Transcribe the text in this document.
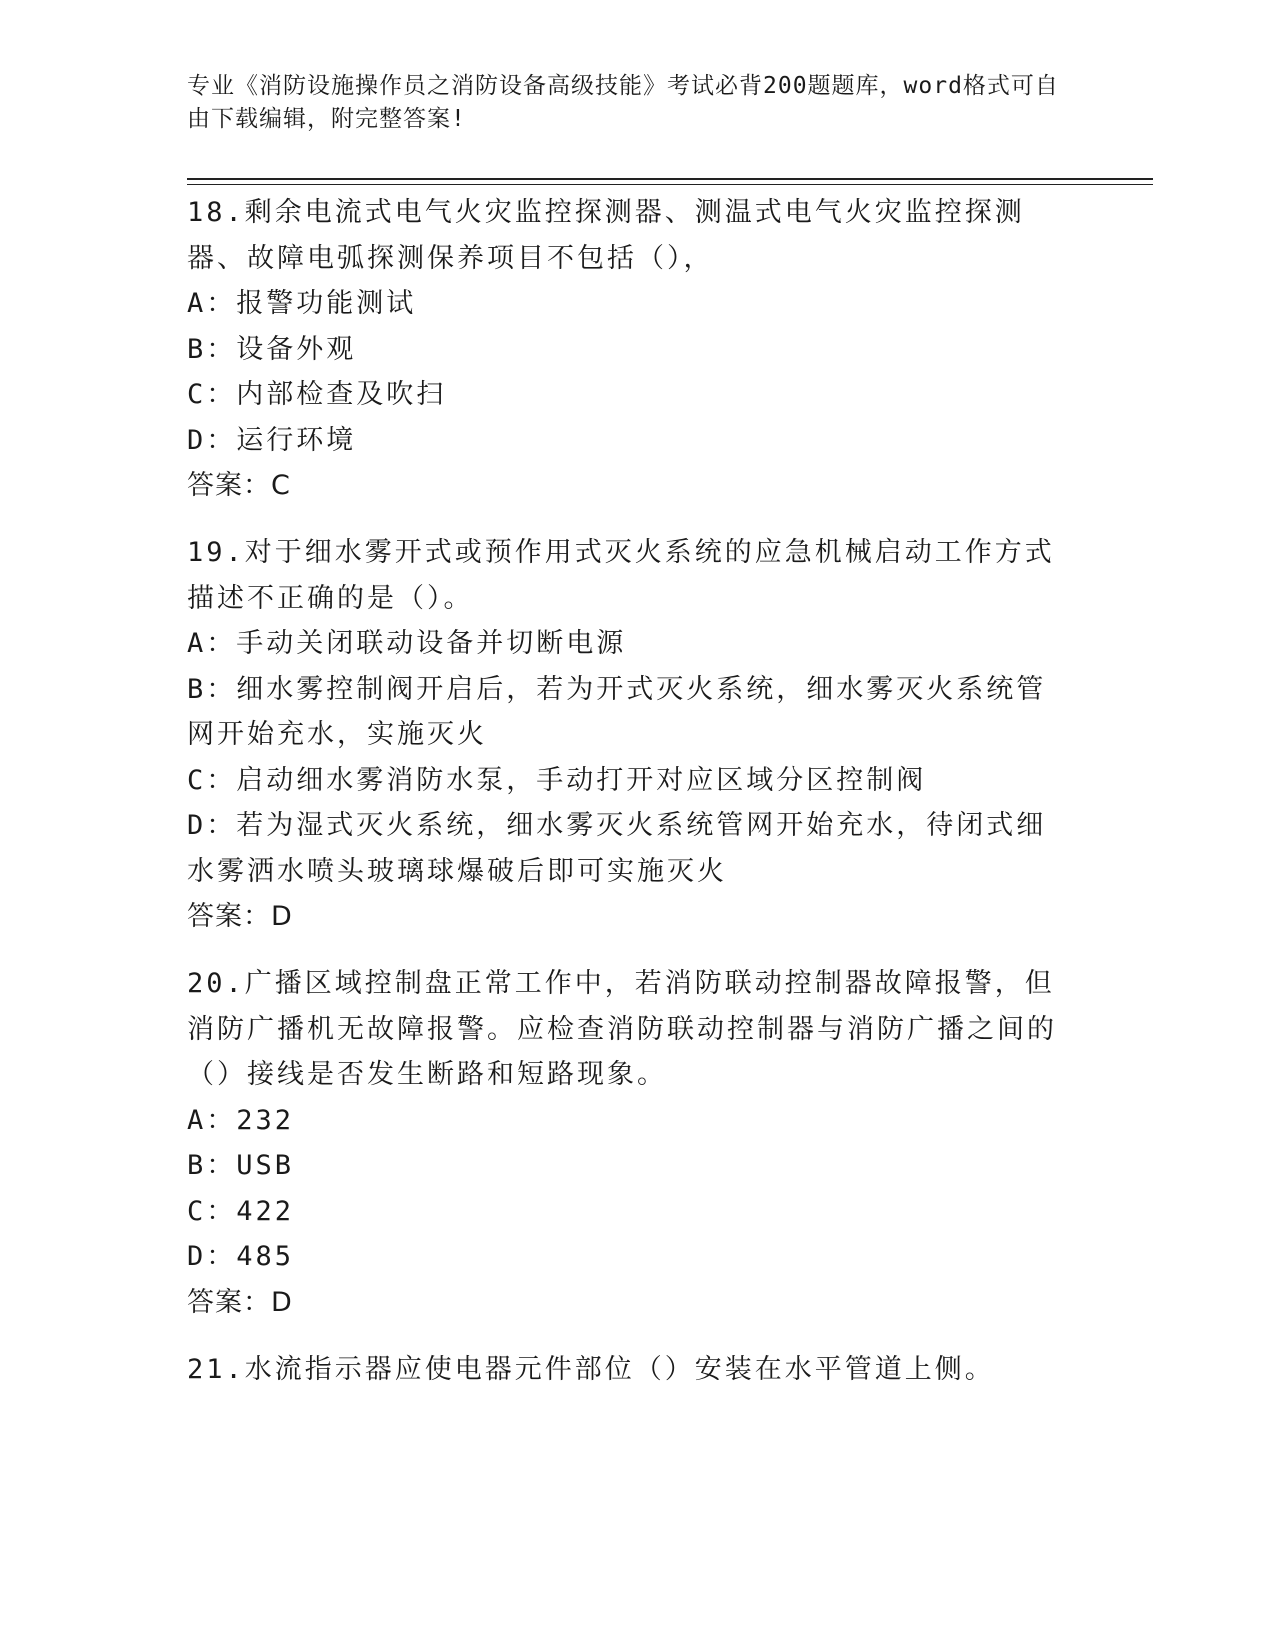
专业《消防设施操作员之消防设备高级技能》考试必背200题题库，word格式可自由下载编辑，附完整答案!
18.剩余电流式电气火灾监控探测器、测温式电气火灾监控探测器、故障电弧探测保养项目不包括（），
A：报警功能测试
B：设备外观
C：内部检查及吹扫
D：运行环境
答案：C
19.对于细水雾开式或预作用式灭火系统的应急机械启动工作方式描述不正确的是（）。
A：手动关闭联动设备并切断电源
B：细水雾控制阀开启后，若为开式灭火系统，细水雾灭火系统管网开始充水，实施灭火
C：启动细水雾消防水泵，手动打开对应区域分区控制阀
D：若为湿式灭火系统，细水雾灭火系统管网开始充水，待闭式细水雾洒水喷头玻璃球爆破后即可实施灭火
答案：D
20.广播区域控制盘正常工作中，若消防联动控制器故障报警，但消防广播机无故障报警。应检查消防联动控制器与消防广播之间的（）接线是否发生断路和短路现象。
A：232
B：USB
C：422
D：485
答案：D
21.水流指示器应使电器元件部位（）安装在水平管道上侧。
